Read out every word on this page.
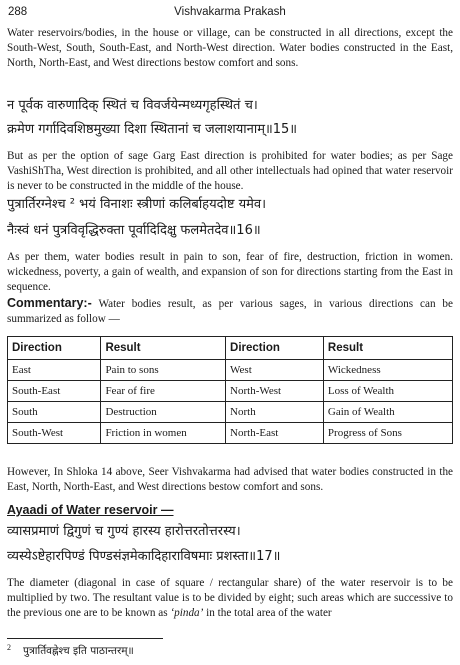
288	Vishvakarma Prakash

Water reservoirs/bodies, in the house or village, can be constructed in all directions, except the South-West, South, South-East, and North-West direction. Water bodies constructed in the East, North, North-East, and West directions bestow comfort and sons.

न पूर्वक वारुणादिक् स्थितं च विवर्जयेन्मध्यगृहस्थितं च।

क्रमेण गर्गादिवशिष्ठमुख्या दिशा स्थितानां च जलाशयानाम्॥15॥

But as per the option of sage Garg East direction is prohibited for water bodies; as per Sage VashiShTha, West direction is prohibited, and all other intellectuals had opined that water reservoir is never to be constructed in the middle of the house.

पुत्रार्तिरग्नेश्च ² भयं विनाशः स्त्रीणां कलिर्बाहयदोष्ट यमेव।

नैःस्वं धनं पुत्रविवृद्धिरुक्ता पूर्वादिदिक्षु फलमेतदेव॥16॥

As per them, water bodies result in pain to son, fear of fire, destruction, friction in women. wickedness, poverty, a gain of wealth, and expansion of son for directions starting from the East in sequence.

Commentary:- Water bodies result, as per various sages, in various directions can be summarized as follow —

Direction	Result	Direction	Result
East	Pain to sons	West	Wickedness
South-East	Fear of fire	North-West	Loss of Wealth
South	Destruction	North	Gain of Wealth
South-West	Friction in women	North-East	Progress of Sons

However, In Shloka 14 above, Seer Vishvakarma had advised that water bodies constructed in the East, North, North-East, and West directions bestow comfort and sons.

Ayaadi of Water reservoir —

व्यासप्रमाणं द्विगुणं च गुण्यं हारस्य हारोत्तरतोत्तरस्य।

व्यस्येऽष्टेहारपिण्डं पिण्डसंज्ञमेकादिहाराविषमाः प्रशस्ता॥17॥

The diameter (diagonal in case of square / rectangular share) of the water reservoir is to be multiplied by two. The resultant value is to be divided by eight; such areas which are successive to the previous one are to be known as ‘pinda’ in the total area of the water

$^2$ पुत्रार्तिवह्नेश्च इति पाठान्तरम्॥
